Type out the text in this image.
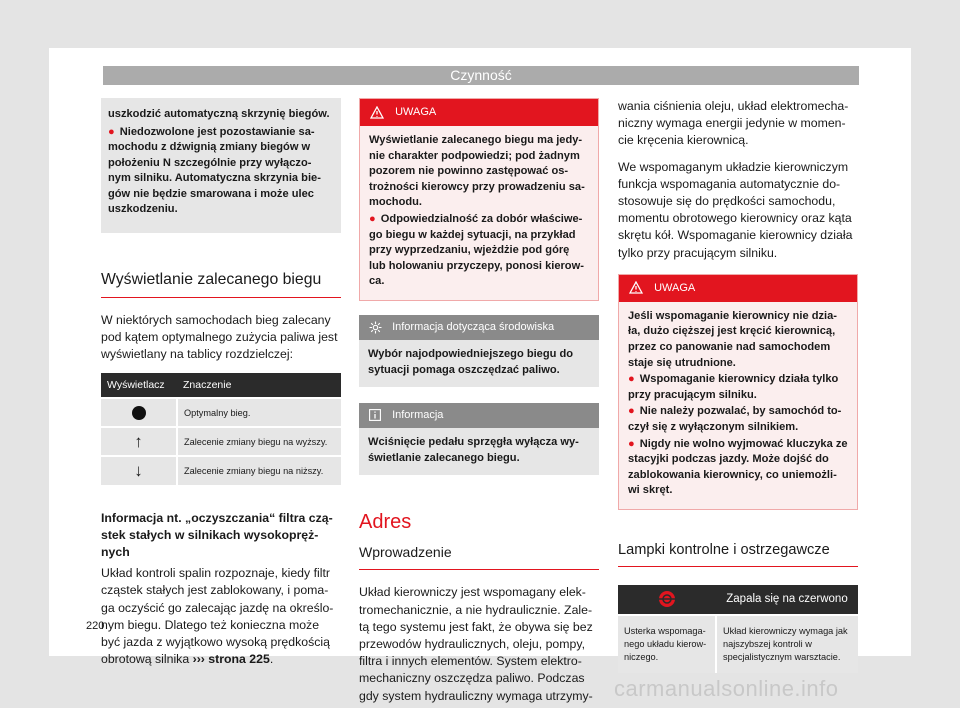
Czynność

uszkodzić automatyczną skrzynię biegów.

● Niedozwolone jest pozostawianie sa-mochodu z dźwignią zmiany biegów w położeniu N szczególnie przy wyłączo-nym silniku. Automatyczna skrzynia bie-gów nie będzie smarowana i może ulec uszkodzeniu.

Wyświetlanie zalecanego biegu

W niektórych samochodach bieg zalecany pod kątem optymalnego zużycia paliwa jest wyświetlany na tablicy rozdzielczej:

Wyświetlacz	Znaczenie
	Optymalny bieg.
↑	Zalecenie zmiany biegu na wyższy.
↓	Zalecenie zmiany biegu na niższy.
Informacja nt. „oczyszczania“ filtra czą-stek stałych w silnikach wysokopręż-nych
Układ kontroli spalin rozpoznaje, kiedy filtr cząstek stałych jest zablokowany, i poma-ga oczyścić go zalecając jazdę na określo-nym biegu. Dlatego też konieczna może być jazda z wyjątkowo wysoką prędkością obrotową silnika ››› strona 225.
UWAGA

Wyświetlanie zalecanego biegu ma jedy-nie charakter podpowiedzi; pod żadnym pozorem nie powinno zastępować os-trożności kierowcy przy prowadzeniu sa-mochodu.

● Odpowiedzialność za dobór właściwe-go biegu w każdej sytuacji, na przykład przy wyprzedzaniu, wjeżdżie pod górę lub holowaniu przyczepy, ponosi kierow-ca.

Informacja dotycząca środowiska
Wybór najodpowiedniejszego biegu do sytuacji pomaga oszczędzać paliwo.
Informacja
Wciśnięcie pedału sprzęgła wyłącza wy-świetlanie zalecanego biegu.
Adres
Wprowadzenie
Układ kierowniczy jest wspomagany elek-tromechanicznie, a nie hydraulicznie. Zale-tą tego systemu jest fakt, że obywa się bez przewodów hydraulicznych, oleju, pompy, filtra i innych elementów. System elektro-mechaniczny oszczędza paliwo. Podczas gdy system hydrauliczny wymaga utrzymy-

wania ciśnienia oleju, układ elektromecha-niczny wymaga energii jedynie w momen-cie kręcenia kierownicą.

We wspomaganym układzie kierowniczym funkcja wspomagania automatycznie do-stosowuje się do prędkości samochodu, momentu obrotowego kierownicy oraz kąta skrętu kół. Wspomaganie kierownicy działa tylko przy pracującym silniku.

UWAGA

Jeśli wspomaganie kierownicy nie dzia-ła, dużo cięższej jest kręcić kierownicą, przez co panowanie nad samochodem staje się utrudnione.

● Wspomaganie kierownicy działa tylko przy pracującym silniku.

● Nie należy pozwalać, by samochód to-czył się z wyłączonym silnikiem.

● Nigdy nie wolno wyjmować kluczyka ze stacyjki podczas jazdy. Może dojść do zablokowania kierownicy, co uniemożli-wi skręt.

Lampki kontrolne i ostrzegawcze
	Zapala się na czerwono
Usterka wspomaga-nego układu kierow-niczego.	Układ kierowniczy wymaga jak najszybszej kontroli w specjalistycznym warsztacie.
220
carmanualsonline.info
